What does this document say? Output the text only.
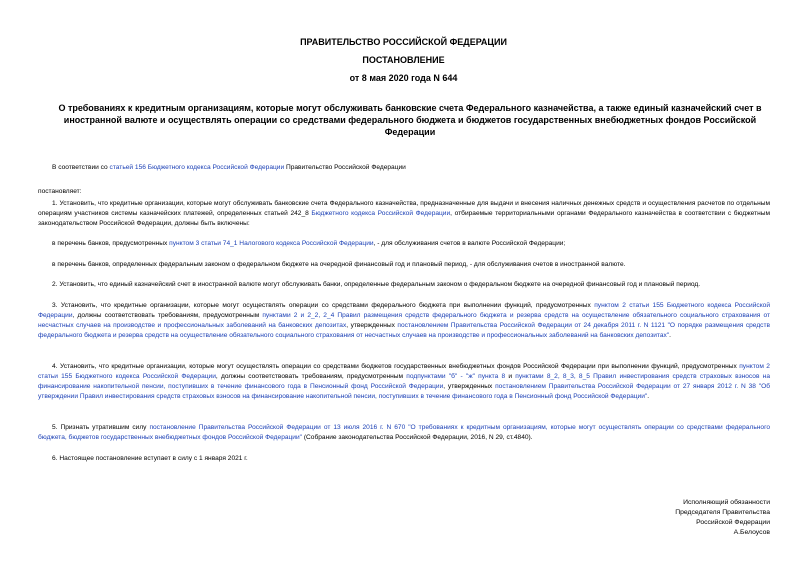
ПРАВИТЕЛЬСТВО РОССИЙСКОЙ ФЕДЕРАЦИИ
ПОСТАНОВЛЕНИЕ
от 8 мая 2020 года N 644
О требованиях к кредитным организациям, которые могут обслуживать банковские счета Федерального казначейства, а также единый казначейский счет в иностранной валюте и осуществлять операции со средствами федерального бюджета и бюджетов государственных внебюджетных фондов Российской Федерации
В соответствии со статьей 156 Бюджетного кодекса Российской Федерации Правительство Российской Федерации
постановляет:
1. Установить, что кредитные организации, которые могут обслуживать банковские счета Федерального казначейства, предназначенные для выдачи и внесения наличных денежных средств и осуществления расчетов по отдельным операциям участников системы казначейских платежей, определенных статьей 242_8 Бюджетного кодекса Российской Федерации, отбираемые территориальными органами Федерального казначейства в соответствии с бюджетным законодательством Российской Федерации, должны быть включены:
в перечень банков, предусмотренных пунктом 3 статьи 74_1 Налогового кодекса Российской Федерации, - для обслуживания счетов в валюте Российской Федерации;
в перечень банков, определенных федеральным законом о федеральном бюджете на очередной финансовый год и плановый период, - для обслуживания счетов в иностранной валюте.
2. Установить, что единый казначейский счет в иностранной валюте могут обслуживать банки, определенные федеральным законом о федеральном бюджете на очередной финансовый год и плановый период.
3. Установить, что кредитные организации, которые могут осуществлять операции со средствами федерального бюджета при выполнении функций, предусмотренных пунктом 2 статьи 155 Бюджетного кодекса Российской Федерации, должны соответствовать требованиям, предусмотренным пунктами 2 и 2_2, 2_4 Правил размещения средств федерального бюджета и резерва средств на осуществление обязательного социального страхования от несчастных случаев на производстве и профессиональных заболеваний на банковских депозитах, утвержденных постановлением Правительства Российской Федерации от 24 декабря 2011 г. N 1121 "О порядке размещения средств федерального бюджета и резерва средств на осуществление обязательного социального страхования от несчастных случаев на производстве и профессиональных заболеваний на банковских депозитах".
4. Установить, что кредитные организации, которые могут осуществлять операции со средствами бюджетов государственных внебюджетных фондов Российской Федерации при выполнении функций, предусмотренных пунктом 2 статьи 155 Бюджетного кодекса Российской Федерации, должны соответствовать требованиям, предусмотренным подпунктами "б" - "ж" пункта 8 и пунктами 8_2, 8_3, 8_5 Правил инвестирования средств страховых взносов на финансирование накопительной пенсии, поступивших в течение финансового года в Пенсионный фонд Российской Федерации, утвержденных постановлением Правительства Российской Федерации от 27 января 2012 г. N 38 "Об утверждении Правил инвестирования средств страховых взносов на финансирование накопительной пенсии, поступивших в течение финансового года в Пенсионный фонд Российской Федерации".
5. Признать утратившим силу постановление Правительства Российской Федерации от 13 июля 2016 г. N 670 "О требованиях к кредитным организациям, которые могут осуществлять операции со средствами федерального бюджета, бюджетов государственных внебюджетных фондов Российской Федерации" (Собрание законодательства Российской Федерации, 2016, N 29, ст.4840).
6. Настоящее постановление вступает в силу с 1 января 2021 г.
Исполняющий обязанности
Председателя Правительства
Российской Федерации
А.Белоусов
